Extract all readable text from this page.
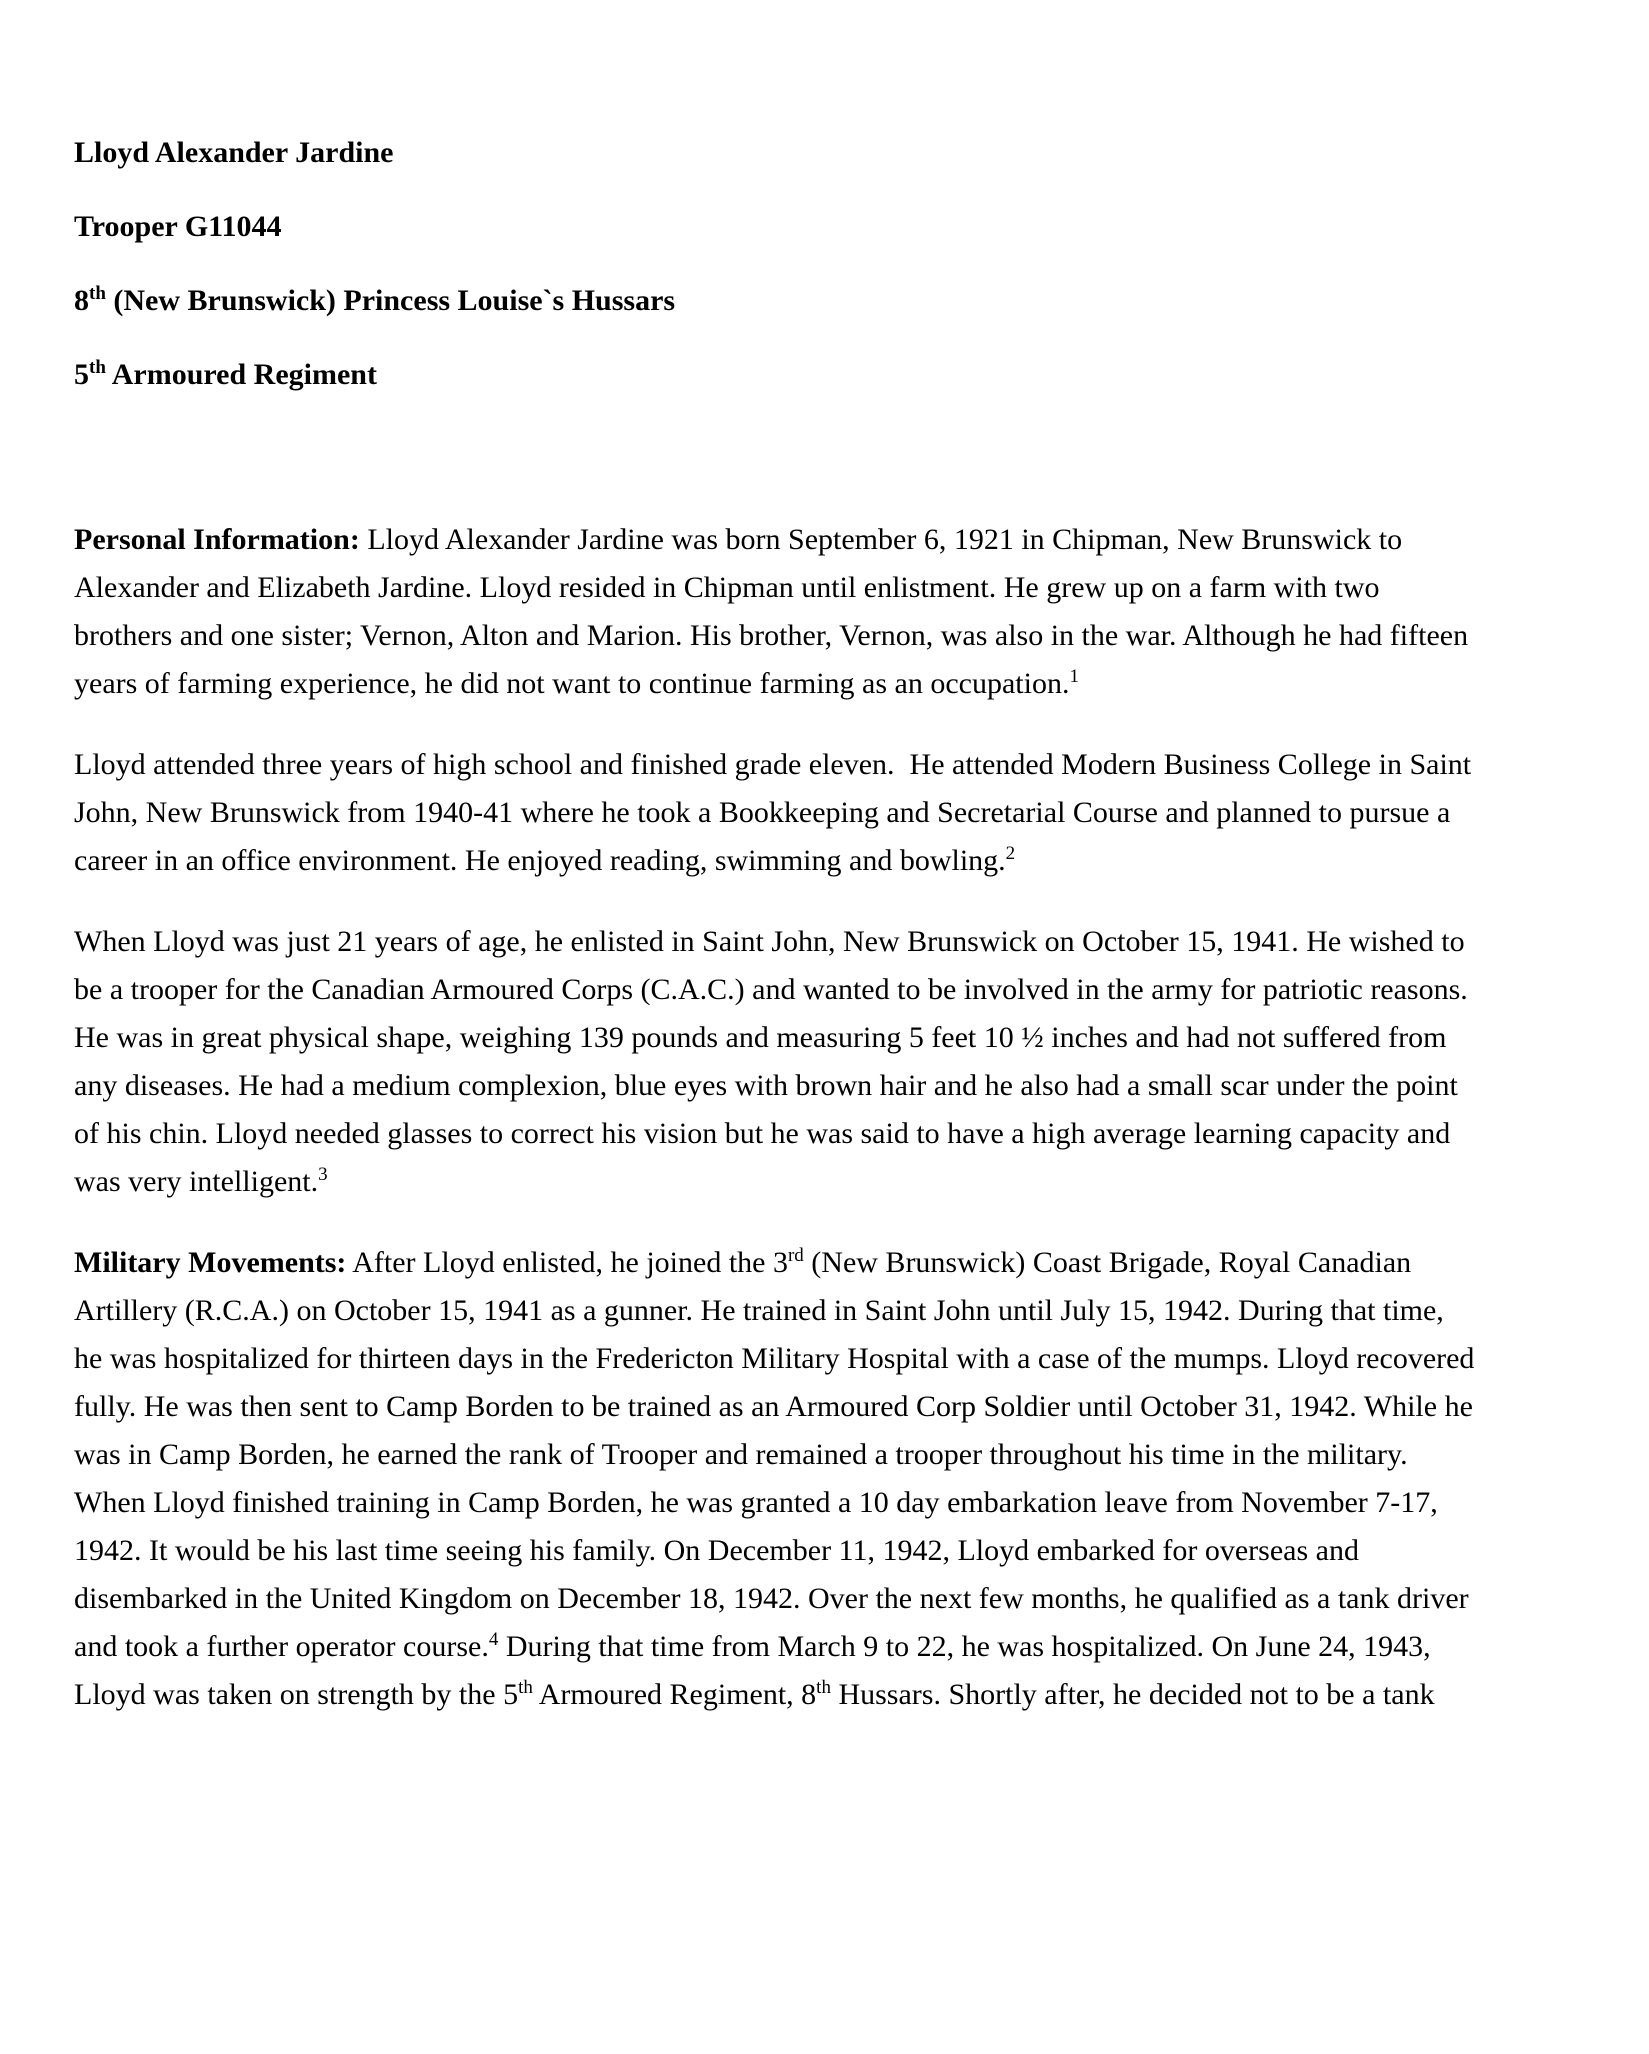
Lloyd Alexander Jardine

Trooper G11044

8th (New Brunswick) Princess Louise`s Hussars

5th Armoured Regiment

Personal Information: Lloyd Alexander Jardine was born September 6, 1921 in Chipman, New Brunswick to Alexander and Elizabeth Jardine. Lloyd resided in Chipman until enlistment. He grew up on a farm with two brothers and one sister; Vernon, Alton and Marion. His brother, Vernon, was also in the war. Although he had fifteen years of farming experience, he did not want to continue farming as an occupation.$^1$

Lloyd attended three years of high school and finished grade eleven.  He attended Modern Business College in Saint John, New Brunswick from 1940-41 where he took a Bookkeeping and Secretarial Course and planned to pursue a career in an office environment. He enjoyed reading, swimming and bowling.$^2$

When Lloyd was just 21 years of age, he enlisted in Saint John, New Brunswick on October 15, 1941. He wished to be a trooper for the Canadian Armoured Corps (C.A.C.) and wanted to be involved in the army for patriotic reasons. He was in great physical shape, weighing 139 pounds and measuring 5 feet 10 ½ inches and had not suffered from any diseases. He had a medium complexion, blue eyes with brown hair and he also had a small scar under the point of his chin. Lloyd needed glasses to correct his vision but he was said to have a high average learning capacity and was very intelligent.$^3$

Military Movements: After Lloyd enlisted, he joined the 3rd (New Brunswick) Coast Brigade, Royal Canadian Artillery (R.C.A.) on October 15, 1941 as a gunner. He trained in Saint John until July 15, 1942. During that time, he was hospitalized for thirteen days in the Fredericton Military Hospital with a case of the mumps. Lloyd recovered fully. He was then sent to Camp Borden to be trained as an Armoured Corp Soldier until October 31, 1942. While he was in Camp Borden, he earned the rank of Trooper and remained a trooper throughout his time in the military. When Lloyd finished training in Camp Borden, he was granted a 10 day embarkation leave from November 7-17, 1942. It would be his last time seeing his family. On December 11, 1942, Lloyd embarked for overseas and disembarked in the United Kingdom on December 18, 1942. Over the next few months, he qualified as a tank driver and took a further operator course.$^4$ During that time from March 9 to 22, he was hospitalized. On June 24, 1943, Lloyd was taken on strength by the 5th Armoured Regiment, 8th Hussars. Shortly after, he decided not to be a tank
